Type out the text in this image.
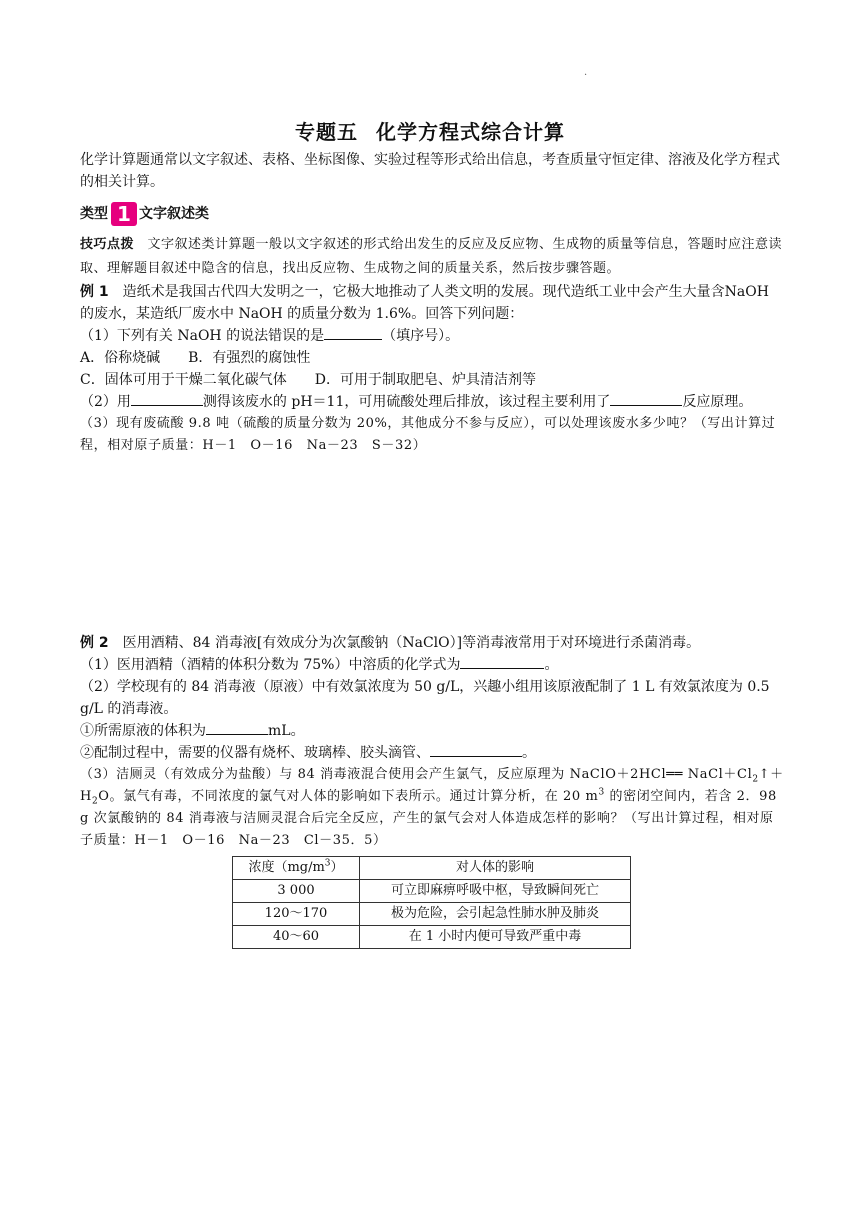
·
专题五 化学方程式综合计算

化学计算题通常以文字叙述、表格、坐标图像、实验过程等形式给出信息，考查质量守恒定律、溶液及化学方程式的相关计算。

类型 1 文字叙述类

技巧点拨　 文字叙述类计算题一般以文字叙述的形式给出发生的反应及反应物、生成物的质量等信息，答题时应注意读取、理解题目叙述中隐含的信息，找出反应物、生成物之间的质量关系，然后按步骤答题。

例 1　 造纸术是我国古代四大发明之一，它极大地推动了人类文明的发展。现代造纸工业中会产生大量含NaOH 的废水，某造纸厂废水中 NaOH 的质量分数为 1.6%。回答下列问题：

（1）下列有关 NaOH 的说法错误的是	（填序号）。

A．俗称烧碱 B．有强烈的腐蚀性

C．固体可用于干燥二氧化碳气体 D．可用于制取肥皂、炉具清洁剂等

（2）用	测得该废水的 pH＝11，可用硫酸处理后排放，该过程主要利用了	反应原理。

（3）现有废硫酸 9.8 吨（硫酸的质量分数为 20%，其他成分不参与反应），可以处理该废水多少吨？（写出计算过程，相对原子质量：H－1　O－16　Na－23　S－32）

例 2　 医用酒精、84 消毒液[有效成分为次氯酸钠（NaClO）]等消毒液常用于对环境进行杀菌消毒。

（1）医用酒精（酒精的体积分数为 75%）中溶质的化学式为	。

（2）学校现有的 84 消毒液（原液）中有效氯浓度为 50 g/L，兴趣小组用该原液配制了 1 L 有效氯浓度为 0.5 g/L 的消毒液。

①所需原液的体积为	mL。

②配制过程中，需要的仪器有烧杯、玻璃棒、胶头滴管、	。

（3）洁厕灵（有效成分为盐酸）与 84 消毒液混合使用会产生氯气，反应原理为 NaClO＋2HCl══ $NaCl+Cl_2↑+H_2O$。氯气有毒，不同浓度的氯气对人体的影响如下表所示。通过计算分析，在 20 $m^3$ 的密闭空间内，若含 2．98 g 次氯酸钠的 84 消毒液与洁厕灵混合后完全反应，产生的氯气会对人体造成怎样的影响？（写出计算过程，相对原子质量：H－1　O－16　Na－23　Cl－35．5）

浓度$(mg/m^3)$	对人体的影响
3 000	可立即麻痹呼吸中枢，导致瞬间死亡
120～170	极为危险，会引起急性肺水肿及肺炎
40～60	在 1 小时内便可导致严重中毒
